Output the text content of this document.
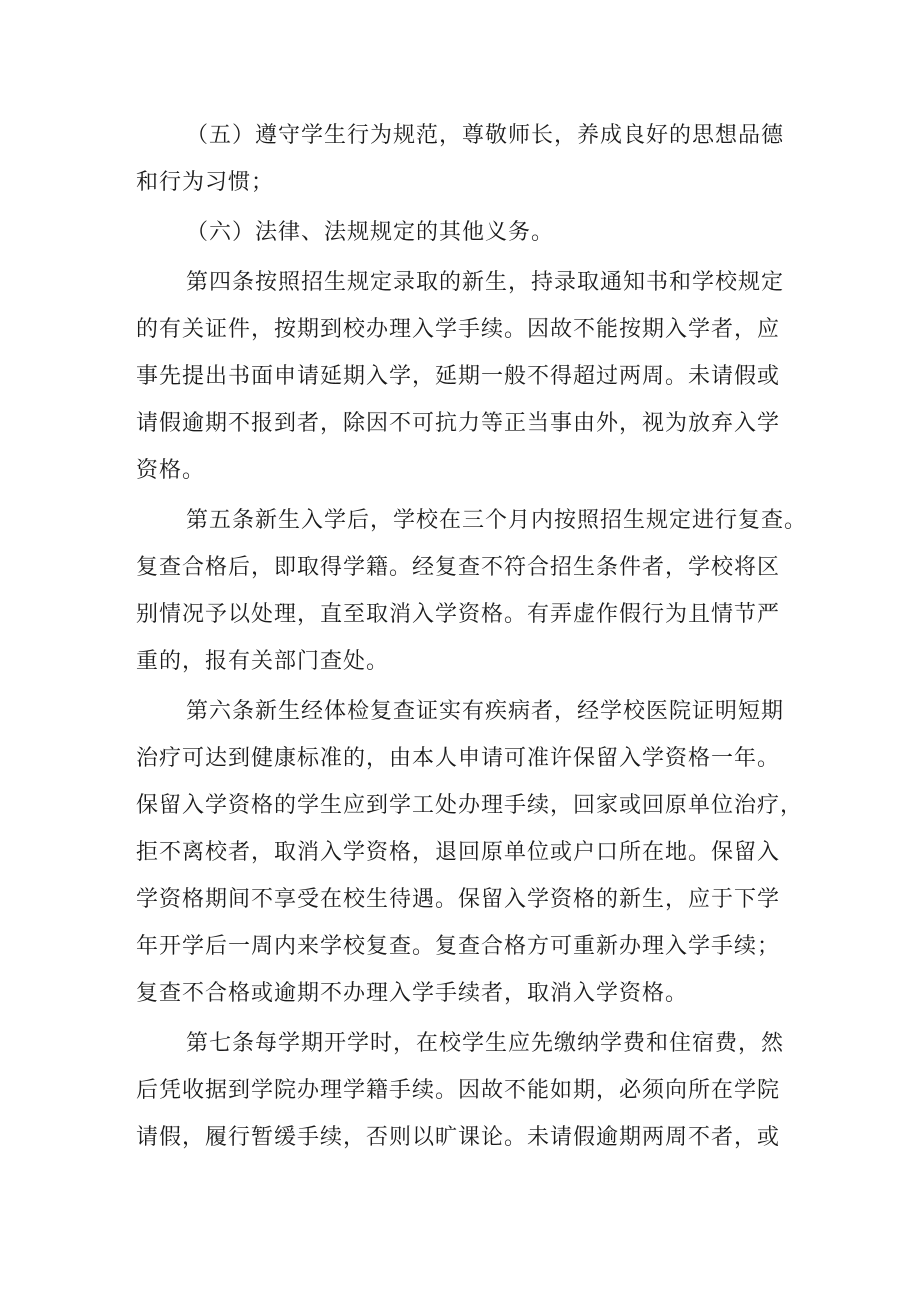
（五）遵守学生行为规范，尊敬师长，养成良好的思想品德
和行为习惯；
（六）法律、法规规定的其他义务。
第四条按照招生规定录取的新生，持录取通知书和学校规定
的有关证件，按期到校办理入学手续。因故不能按期入学者，应
事先提出书面申请延期入学，延期一般不得超过两周。未请假或
请假逾期不报到者，除因不可抗力等正当事由外，视为放弃入学
资格。
第五条新生入学后，学校在三个月内按照招生规定进行复查。
复查合格后，即取得学籍。经复查不符合招生条件者，学校将区
别情况予以处理，直至取消入学资格。有弄虚作假行为且情节严
重的，报有关部门查处。
第六条新生经体检复查证实有疾病者，经学校医院证明短期
治疗可达到健康标准的，由本人申请可准许保留入学资格一年。
保留入学资格的学生应到学工处办理手续，回家或回原单位治疗，
拒不离校者，取消入学资格，退回原单位或户口所在地。保留入
学资格期间不享受在校生待遇。保留入学资格的新生，应于下学
年开学后一周内来学校复查。复查合格方可重新办理入学手续；
复查不合格或逾期不办理入学手续者，取消入学资格。
第七条每学期开学时，在校学生应先缴纳学费和住宿费，然
后凭收据到学院办理学籍手续。因故不能如期，必须向所在学院
请假，履行暂缓手续，否则以旷课论。未请假逾期两周不者，或
